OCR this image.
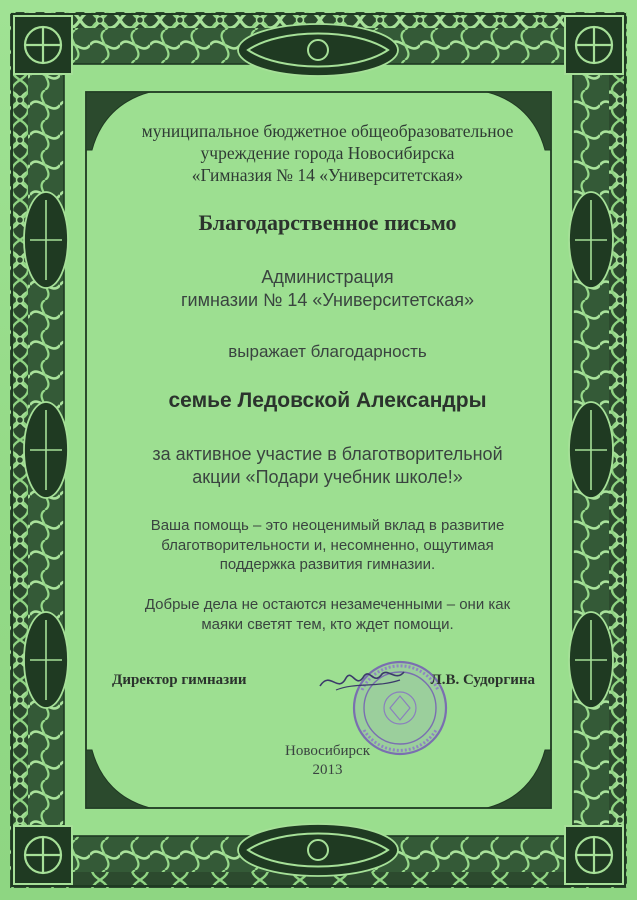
муниципальное бюджетное общеобразовательное
учреждение города Новосибирска
«Гимназия № 14 «Университетская»
Благодарственное письмо
Администрация
гимназии № 14 «Университетская»
выражает благодарность
семье Ледовской Александры
за активное участие в благотворительной
акции «Подари учебник школе!»
Ваша помощь – это неоценимый вклад в развитие
благотворительности и, несомненно, ощутимая
поддержка развития гимназии.
Добрые дела не остаются незамеченными – они как
маяки светят тем, кто ждет помощи.
Директор гимназии	Л.В. Судоргина
Новосибирск
2013
